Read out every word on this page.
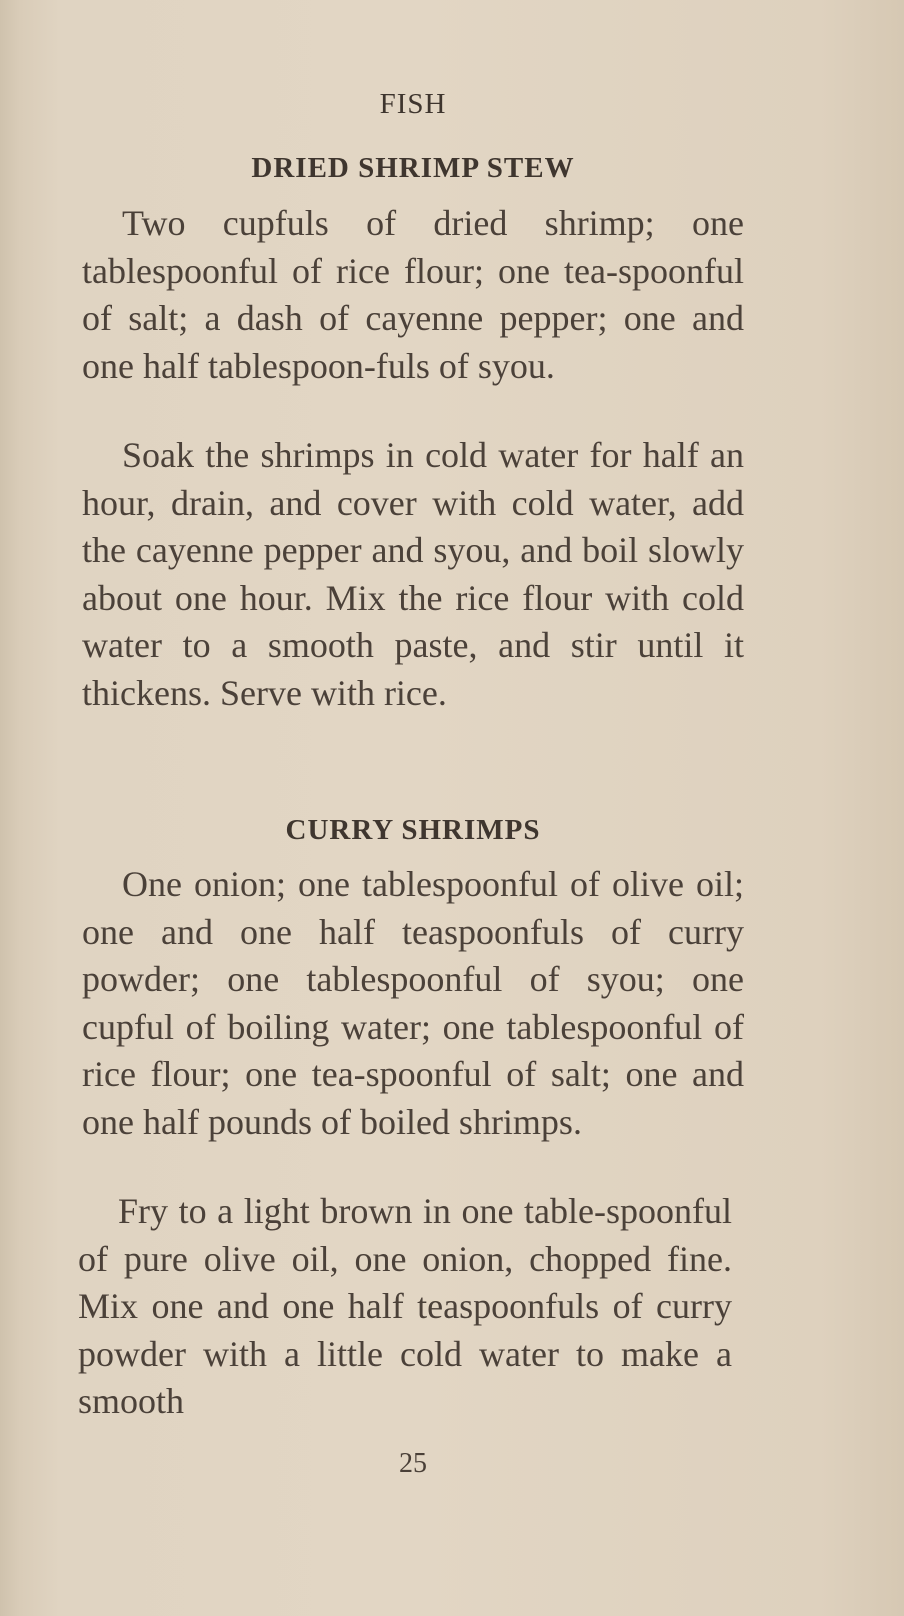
FISH
DRIED SHRIMP STEW

Two cupfuls of dried shrimp; one tablespoonful of rice flour; one tea-spoonful of salt; a dash of cayenne pepper; one and one half tablespoon-fuls of syou.

Soak the shrimps in cold water for half an hour, drain, and cover with cold water, add the cayenne pepper and syou, and boil slowly about one hour. Mix the rice flour with cold water to a smooth paste, and stir until it thickens. Serve with rice.

CURRY SHRIMPS

One onion; one tablespoonful of olive oil; one and one half teaspoonfuls of curry powder; one tablespoonful of syou; one cupful of boiling water; one tablespoonful of rice flour; one tea-spoonful of salt; one and one half pounds of boiled shrimps.

Fry to a light brown in one table-spoonful of pure olive oil, one onion, chopped fine. Mix one and one half teaspoonfuls of curry powder with a little cold water to make a smooth

25
